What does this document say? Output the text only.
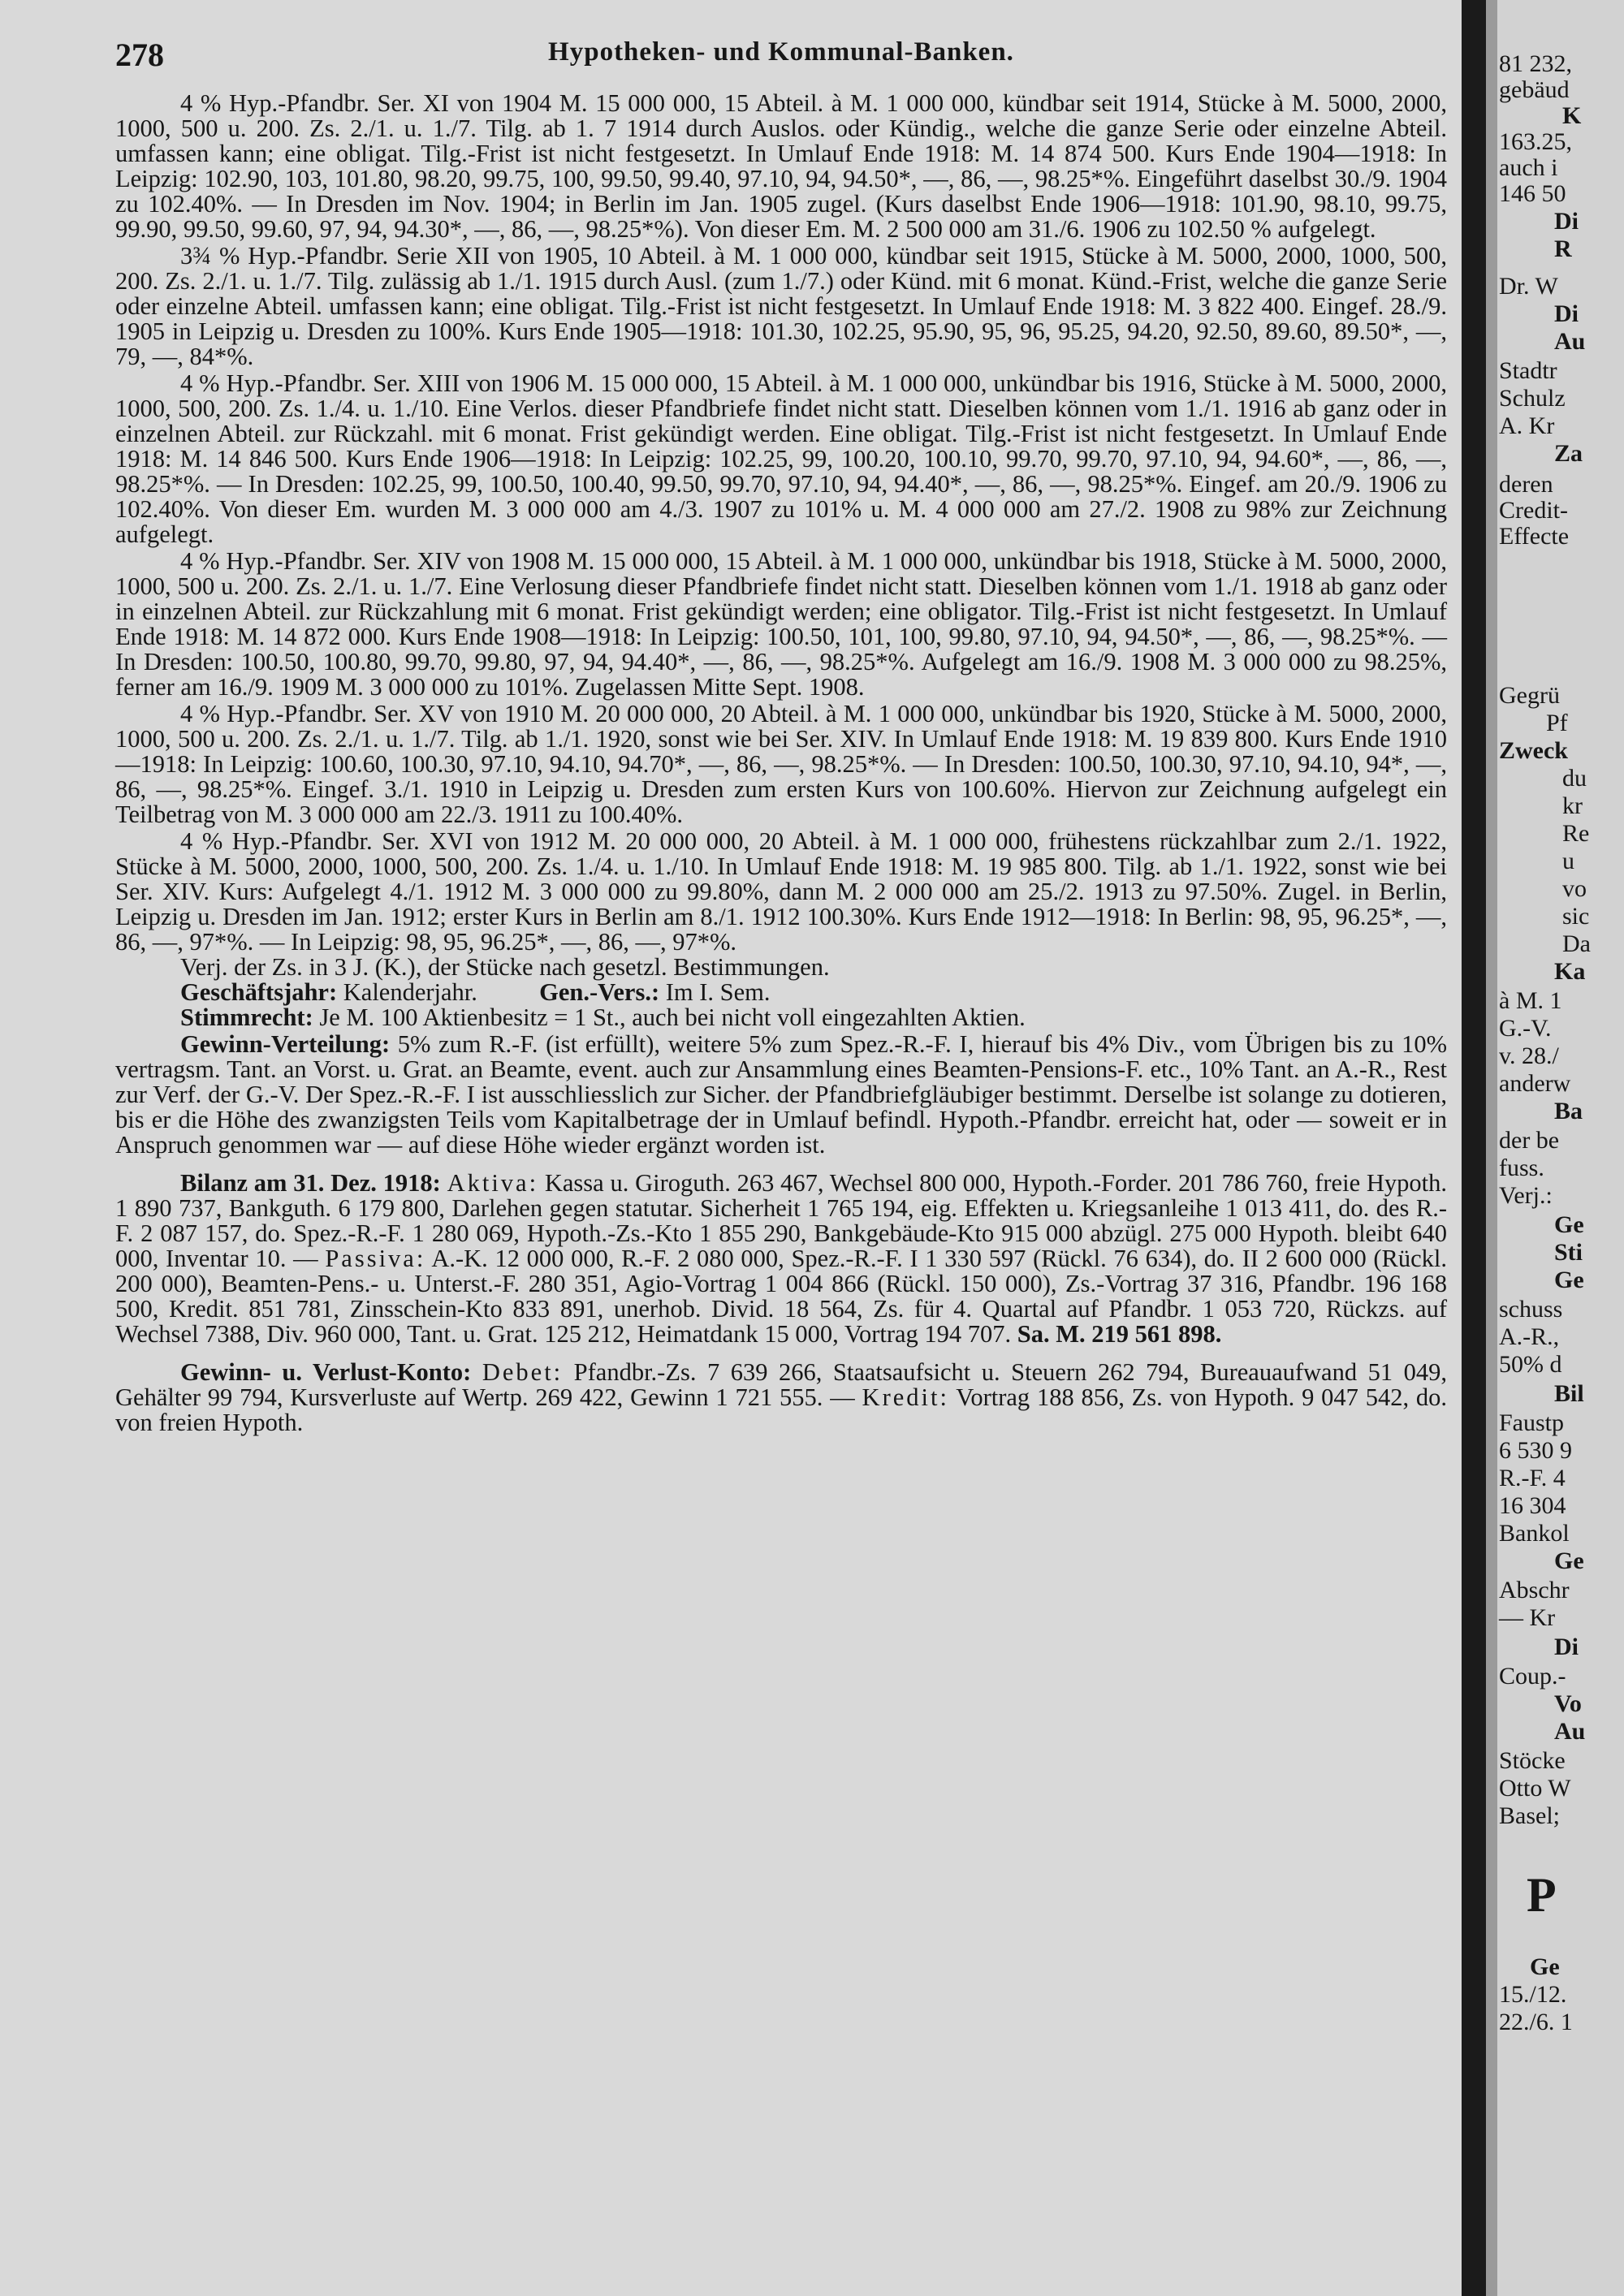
278	Hypotheken- und Kommunal-Banken.

4 % Hyp.-Pfandbr. Ser. XI von 1904 M. 15 000 000, 15 Abteil. à M. 1 000 000, kündbar seit 1914, Stücke à M. 5000, 2000, 1000, 500 u. 200. Zs. 2./1. u. 1./7. Tilg. ab 1. 7 1914 durch Auslos. oder Kündig., welche die ganze Serie oder einzelne Abteil. umfassen kann; eine obligat. Tilg.-Frist ist nicht festgesetzt. In Umlauf Ende 1918: M. 14 874 500. Kurs Ende 1904—1918: In Leipzig: 102.90, 103, 101.80, 98.20, 99.75, 100, 99.50, 99.40, 97.10, 94, 94.50*, —, 86, —, 98.25*%. Eingeführt daselbst 30./9. 1904 zu 102.40%. — In Dresden im Nov. 1904; in Berlin im Jan. 1905 zugel. (Kurs daselbst Ende 1906—1918: 101.90, 98.10, 99.75, 99.90, 99.50, 99.60, 97, 94, 94.30*, —, 86, —, 98.25*%). Von dieser Em. M. 2 500 000 am 31./6. 1906 zu 102.50 % aufgelegt.

3¾ % Hyp.-Pfandbr. Serie XII von 1905, 10 Abteil. à M. 1 000 000, kündbar seit 1915, Stücke à M. 5000, 2000, 1000, 500, 200. Zs. 2./1. u. 1./7. Tilg. zulässig ab 1./1. 1915 durch Ausl. (zum 1./7.) oder Künd. mit 6 monat. Künd.-Frist, welche die ganze Serie oder einzelne Abteil. umfassen kann; eine obligat. Tilg.-Frist ist nicht festgesetzt. In Umlauf Ende 1918: M. 3 822 400. Eingef. 28./9. 1905 in Leipzig u. Dresden zu 100%. Kurs Ende 1905—1918: 101.30, 102.25, 95.90, 95, 96, 95.25, 94.20, 92.50, 89.60, 89.50*, —, 79, —, 84*%.

4 % Hyp.-Pfandbr. Ser. XIII von 1906 M. 15 000 000, 15 Abteil. à M. 1 000 000, unkündbar bis 1916, Stücke à M. 5000, 2000, 1000, 500, 200. Zs. 1./4. u. 1./10. Eine Verlos. dieser Pfandbriefe findet nicht statt. Dieselben können vom 1./1. 1916 ab ganz oder in einzelnen Abteil. zur Rückzahl. mit 6 monat. Frist gekündigt werden. Eine obligat. Tilg.-Frist ist nicht festgesetzt. In Umlauf Ende 1918: M. 14 846 500. Kurs Ende 1906—1918: In Leipzig: 102.25, 99, 100.20, 100.10, 99.70, 99.70, 97.10, 94, 94.60*, —, 86, —, 98.25*%. — In Dresden: 102.25, 99, 100.50, 100.40, 99.50, 99.70, 97.10, 94, 94.40*, —, 86, —, 98.25*%. Eingef. am 20./9. 1906 zu 102.40%. Von dieser Em. wurden M. 3 000 000 am 4./3. 1907 zu 101% u. M. 4 000 000 am 27./2. 1908 zu 98% zur Zeichnung aufgelegt.

4 % Hyp.-Pfandbr. Ser. XIV von 1908 M. 15 000 000, 15 Abteil. à M. 1 000 000, unkündbar bis 1918, Stücke à M. 5000, 2000, 1000, 500 u. 200. Zs. 2./1. u. 1./7. Eine Verlosung dieser Pfandbriefe findet nicht statt. Dieselben können vom 1./1. 1918 ab ganz oder in einzelnen Abteil. zur Rückzahlung mit 6 monat. Frist gekündigt werden; eine obligator. Tilg.-Frist ist nicht festgesetzt. In Umlauf Ende 1918: M. 14 872 000. Kurs Ende 1908—1918: In Leipzig: 100.50, 101, 100, 99.80, 97.10, 94, 94.50*, —, 86, —, 98.25*%. — In Dresden: 100.50, 100.80, 99.70, 99.80, 97, 94, 94.40*, —, 86, —, 98.25*%. Aufgelegt am 16./9. 1908 M. 3 000 000 zu 98.25%, ferner am 16./9. 1909 M. 3 000 000 zu 101%. Zugelassen Mitte Sept. 1908.

4 % Hyp.-Pfandbr. Ser. XV von 1910 M. 20 000 000, 20 Abteil. à M. 1 000 000, unkündbar bis 1920, Stücke à M. 5000, 2000, 1000, 500 u. 200. Zs. 2./1. u. 1./7. Tilg. ab 1./1. 1920, sonst wie bei Ser. XIV. In Umlauf Ende 1918: M. 19 839 800. Kurs Ende 1910—1918: In Leipzig: 100.60, 100.30, 97.10, 94.10, 94.70*, —, 86, —, 98.25*%. — In Dresden: 100.50, 100.30, 97.10, 94.10, 94*, —, 86, —, 98.25*%. Eingef. 3./1. 1910 in Leipzig u. Dresden zum ersten Kurs von 100.60%. Hiervon zur Zeichnung aufgelegt ein Teilbetrag von M. 3 000 000 am 22./3. 1911 zu 100.40%.

4 % Hyp.-Pfandbr. Ser. XVI von 1912 M. 20 000 000, 20 Abteil. à M. 1 000 000, frühestens rückzahlbar zum 2./1. 1922, Stücke à M. 5000, 2000, 1000, 500, 200. Zs. 1./4. u. 1./10. In Umlauf Ende 1918: M. 19 985 800. Tilg. ab 1./1. 1922, sonst wie bei Ser. XIV. Kurs: Aufgelegt 4./1. 1912 M. 3 000 000 zu 99.80%, dann M. 2 000 000 am 25./2. 1913 zu 97.50%. Zugel. in Berlin, Leipzig u. Dresden im Jan. 1912; erster Kurs in Berlin am 8./1. 1912 100.30%. Kurs Ende 1912—1918: In Berlin: 98, 95, 96.25*, —, 86, —, 97*%. — In Leipzig: 98, 95, 96.25*, —, 86, —, 97*%.

Verj. der Zs. in 3 J. (K.), der Stücke nach gesetzl. Bestimmungen.

Geschäftsjahr: Kalenderjahr.	Gen.-Vers.: Im I. Sem.

Stimmrecht: Je M. 100 Aktienbesitz = 1 St., auch bei nicht voll eingezahlten Aktien.

Gewinn-Verteilung: 5% zum R.-F. (ist erfüllt), weitere 5% zum Spez.-R.-F. I, hierauf bis 4% Div., vom Übrigen bis zu 10% vertragsm. Tant. an Vorst. u. Grat. an Beamte, event. auch zur Ansammlung eines Beamten-Pensions-F. etc., 10% Tant. an A.-R., Rest zur Verf. der G.-V. Der Spez.-R.-F. I ist ausschliesslich zur Sicher. der Pfandbriefgläubiger bestimmt. Derselbe ist solange zu dotieren, bis er die Höhe des zwanzigsten Teils vom Kapitalbetrage der in Umlauf befindl. Hypoth.-Pfandbr. erreicht hat, oder — soweit er in Anspruch genommen war — auf diese Höhe wieder ergänzt worden ist.

Bilanz am 31. Dez. 1918: Aktiva: Kassa u. Giroguth. 263 467, Wechsel 800 000, Hypoth.-Forder. 201 786 760, freie Hypoth. 1 890 737, Bankguth. 6 179 800, Darlehen gegen statutar. Sicherheit 1 765 194, eig. Effekten u. Kriegsanleihe 1 013 411, do. des R.-F. 2 087 157, do. Spez.-R.-F. 1 280 069, Hypoth.-Zs.-Kto 1 855 290, Bankgebäude-Kto 915 000 abzügl. 275 000 Hypoth. bleibt 640 000, Inventar 10. — Passiva: A.-K. 12 000 000, R.-F. 2 080 000, Spez.-R.-F. I 1 330 597 (Rückl. 76 634), do. II 2 600 000 (Rückl. 200 000), Beamten-Pens.- u. Unterst.-F. 280 351, Agio-Vortrag 1 004 866 (Rückl. 150 000), Zs.-Vortrag 37 316, Pfandbr. 196 168 500, Kredit. 851 781, Zinsschein-Kto 833 891, unerhob. Divid. 18 564, Zs. für 4. Quartal auf Pfandbr. 1 053 720, Rückzs. auf Wechsel 7388, Div. 960 000, Tant. u. Grat. 125 212, Heimatdank 15 000, Vortrag 194 707. Sa. M. 219 561 898.

Gewinn- u. Verlust-Konto: Debet: Pfandbr.-Zs. 7 639 266, Staatsaufsicht u. Steuern 262 794, Bureauaufwand 51 049, Gehälter 99 794, Kursverluste auf Wertp. 269 422, Gewinn 1 721 555. — Kredit: Vortrag 188 856, Zs. von Hypoth. 9 047 542, do. von freien Hypoth.

81 232,
gebäud
K
163.25,
auch i
146 50
Di
R
Dr. W
Di
Au
Stadtr
Schulz
A. Kr
Za
deren
Credit-
Effecte
Gegrü
Pf
Zweck
du
kr
Re
u
vo
sic
Da
Ka
à M. 1
G.-V.
v. 28./
anderw
Ba
der be
fuss.
Verj.:
Ge
Sti
Ge
schuss
A.-R.,
50% d
Bil
Faustp
6 530 9
R.-F. 4
16 304
Bankol
Ge
Abschr
— Kr
Di
Coup.-
Vo
Au
Stöcke
Otto W
Basel;
P
Ge
15./12.
22./6. 1
